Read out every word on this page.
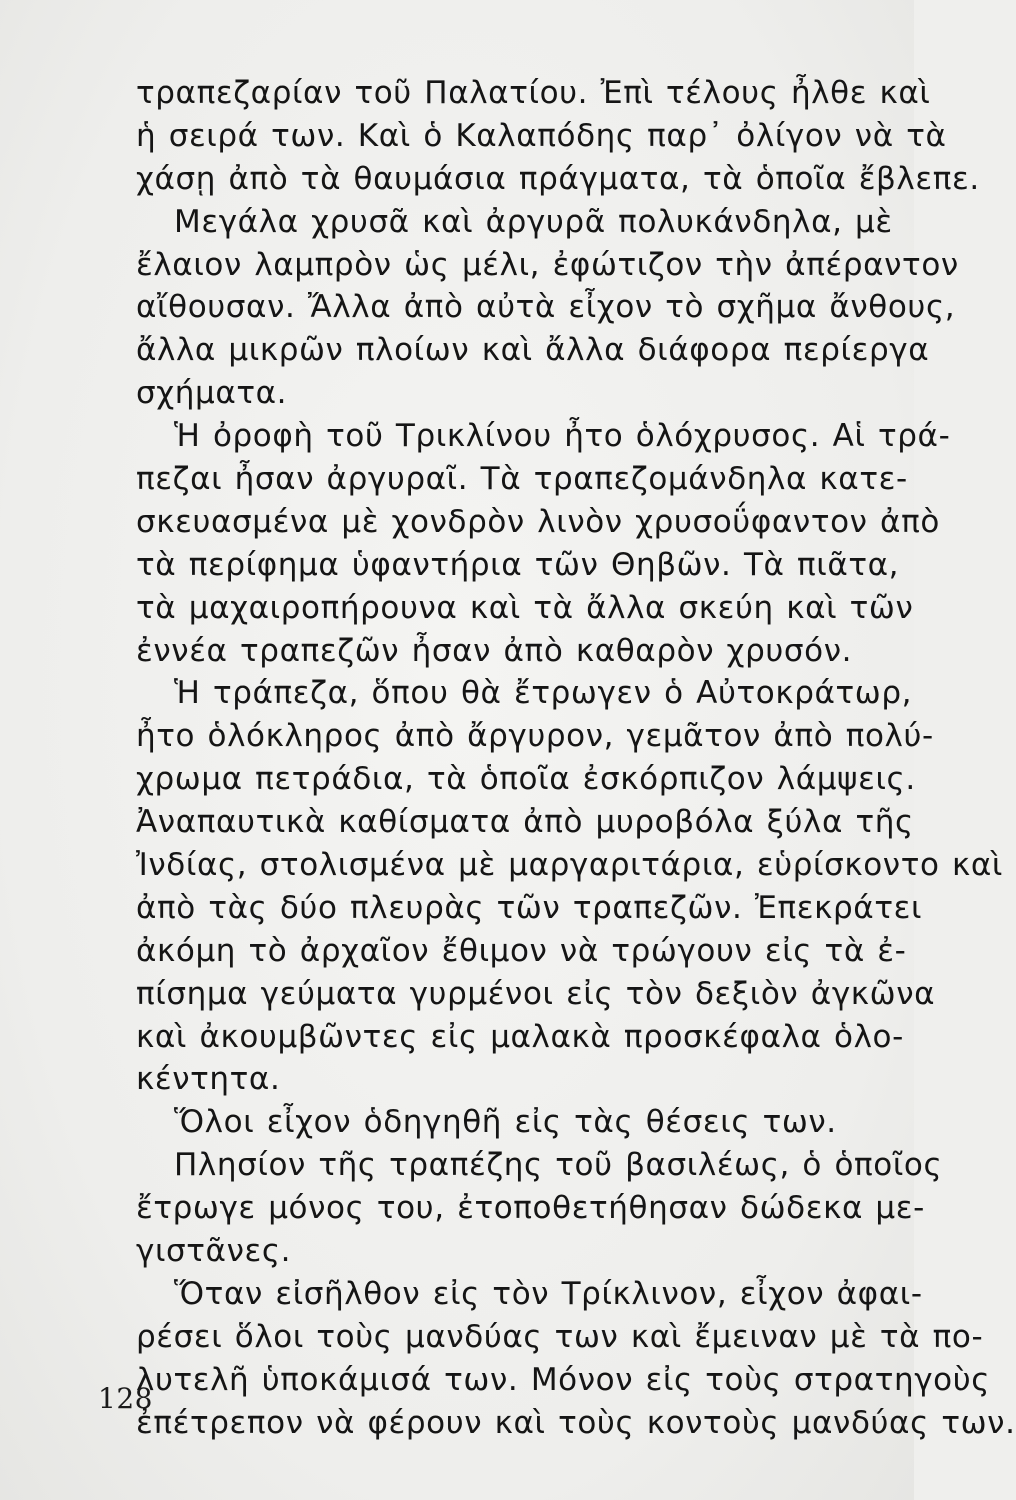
τραπεζαρίαν τοῦ Παλατίου. Ἐπὶ τέλους ἦλθε καὶ
ἡ σειρά των. Καὶ ὁ Καλαπόδης παρ᾽ ὀλίγον νὰ τὰ
χάσῃ ἀπὸ τὰ θαυμάσια πράγματα, τὰ ὁποῖα ἔβλεπε.
Μεγάλα χρυσᾶ καὶ ἀργυρᾶ πολυκάνδηλα, μὲ
ἔλαιον λαμπρὸν ὡς μέλι, ἐφώτιζον τὴν ἀπέραντον
αἴθουσαν. Ἄλλα ἀπὸ αὐτὰ εἶχον τὸ σχῆμα ἄνθους,
ἄλλα μικρῶν πλοίων καὶ ἄλλα διάφορα περίεργα
σχήματα.
Ἡ ὀροφὴ τοῦ Τρικλίνου ἦτο ὁλόχρυσος. Αἱ τρά-
πεζαι ἦσαν ἀργυραῖ. Τὰ τραπεζομάνδηλα κατε-
σκευασμένα μὲ χονδρὸν λινὸν χρυσοΰφαντον ἀπὸ
τὰ περίφημα ὑφαντήρια τῶν Θηβῶν. Τὰ πιᾶτα,
τὰ μαχαιροπήρουνα καὶ τὰ ἄλλα σκεύη καὶ τῶν
ἐννέα τραπεζῶν ἦσαν ἀπὸ καθαρὸν χρυσόν.
Ἡ τράπεζα, ὅπου θὰ ἔτρωγεν ὁ Αὐτοκράτωρ,
ἦτο ὁλόκληρος ἀπὸ ἄργυρον, γεμᾶτον ἀπὸ πολύ-
χρωμα πετράδια, τὰ ὁποῖα ἐσκόρπιζον λάμψεις.
Ἀναπαυτικὰ καθίσματα ἀπὸ μυροβόλα ξύλα τῆς
Ἰνδίας, στολισμένα μὲ μαργαριτάρια, εὑρίσκοντο καὶ
ἀπὸ τὰς δύο πλευρὰς τῶν τραπεζῶν. Ἐπεκράτει
ἀκόμη τὸ ἀρχαῖον ἔθιμον νὰ τρώγουν εἰς τὰ ἐ-
πίσημα γεύματα γυρμένοι εἰς τὸν δεξιὸν ἀγκῶνα
καὶ ἀκουμβῶντες εἰς μαλακὰ προσκέφαλα ὁλο-
κέντητα.
Ὅλοι εἶχον ὁδηγηθῆ εἰς τὰς θέσεις των.
Πλησίον τῆς τραπέζης τοῦ βασιλέως, ὁ ὁποῖος
ἔτρωγε μόνος του, ἐτοποθετήθησαν δώδεκα με-
γιστᾶνες.
Ὅταν εἰσῆλθον εἰς τὸν Τρίκλινον, εἶχον ἀφαι-
ρέσει ὅλοι τοὺς μανδύας των καὶ ἔμειναν μὲ τὰ πο-
λυτελῆ ὑποκάμισά των. Μόνον εἰς τοὺς στρατηγοὺς
ἐπέτρεπον νὰ φέρουν καὶ τοὺς κοντοὺς μανδύας των.
128
